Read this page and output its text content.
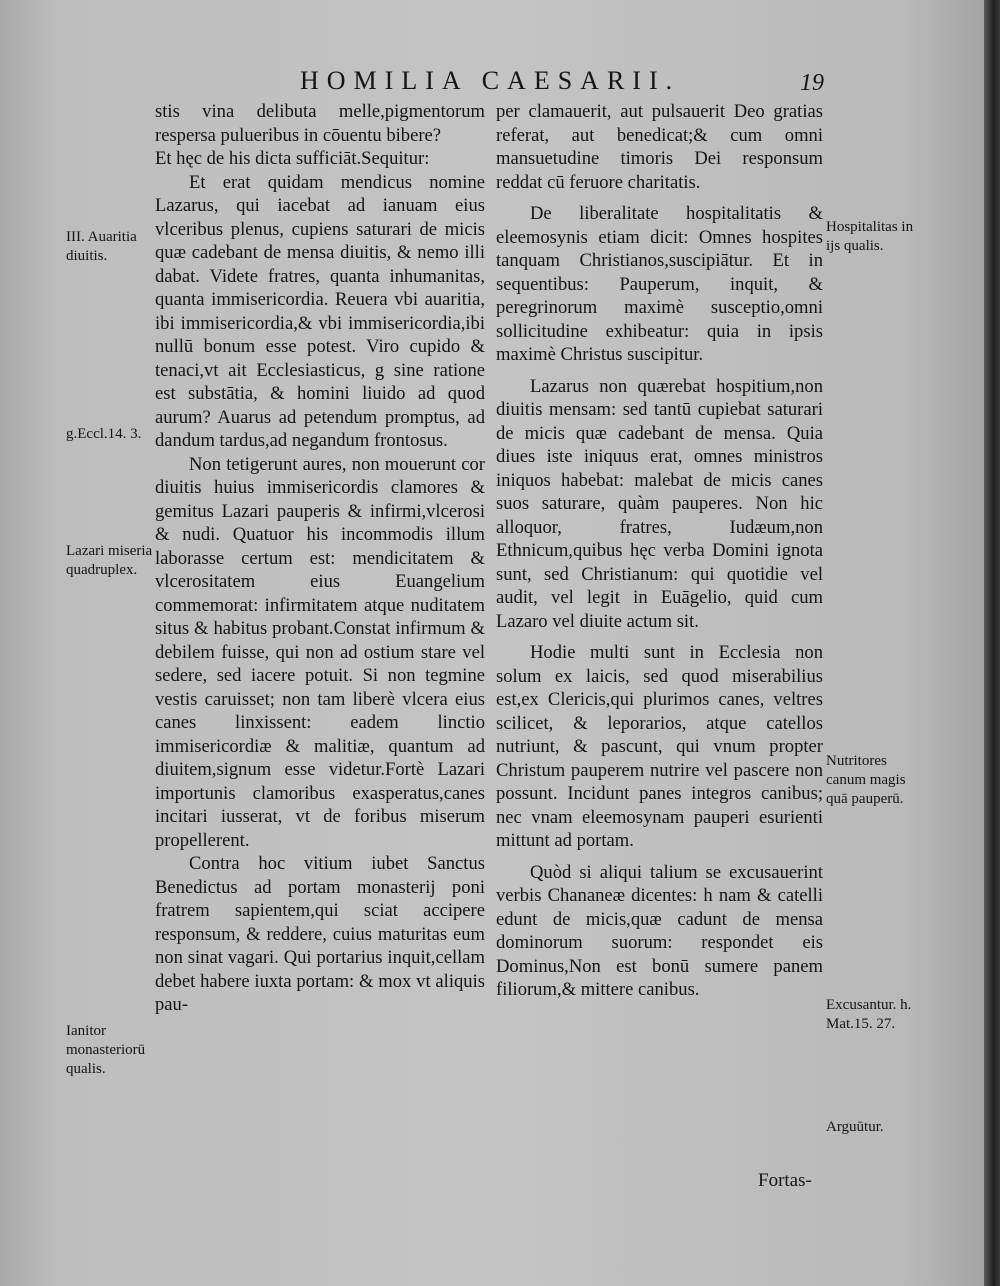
HOMILIA CAESARII.	19

stis vina delibuta melle,pigmentorum respersa pulueribus in cōuentu bibere?

Et hęc de his dicta sufficiāt.Sequitur:

Et erat quidam mendicus nomine Lazarus, qui iacebat ad ianuam eius vlceribus plenus, cupiens saturari de micis quæ cadebant de mensa diuitis, & nemo illi dabat. Videte fratres, quanta inhumanitas, quanta immisericordia. Reuera vbi auaritia, ibi immisericordia,& vbi immisericordia,ibi nullū bonum esse potest. Viro cupido & tenaci,vt ait Ecclesiasticus, g sine ratione est substātia, & homini liuido ad quod aurum? Auarus ad petendum promptus, ad dandum tardus,ad negandum frontosus.

Non tetigerunt aures, non mouerunt cor diuitis huius immisericordis clamores & gemitus Lazari pauperis & infirmi,vlcerosi & nudi. Quatuor his incommodis illum laborasse certum est: mendicitatem & vlcerositatem eius Euangelium commemorat: infirmitatem atque nuditatem situs & habitus probant.Constat infirmum & debilem fuisse, qui non ad ostium stare vel sedere, sed iacere potuit. Si non tegmine vestis caruisset; non tam liberè vlcera eius canes linxissent: eadem linctio immisericordiæ & malitiæ, quantum ad diuitem,signum esse videtur.Fortè Lazari importunis clamoribus exasperatus,canes incitari iusserat, vt de foribus miserum propellerent.

Contra hoc vitium iubet Sanctus Benedictus ad portam monasterij poni fratrem sapientem,qui sciat accipere responsum, & reddere, cuius maturitas eum non sinat vagari. Qui portarius inquit,cellam debet habere iuxta portam: & mox vt aliquis pau-

per clamauerit, aut pulsauerit Deo gratias referat, aut benedicat;& cum omni mansuetudine timoris Dei responsum reddat cū feruore charitatis.

De liberalitate hospitalitatis & eleemosynis etiam dicit: Omnes hospites tanquam Christianos,suscipiātur. Et in sequentibus: Pauperum, inquit, & peregrinorum maximè susceptio,omni sollicitudine exhibeatur: quia in ipsis maximè Christus suscipitur.

Lazarus non quærebat hospitium,non diuitis mensam: sed tantū cupiebat saturari de micis quæ cadebant de mensa. Quia diues iste iniquus erat, omnes ministros iniquos habebat: malebat de micis canes suos saturare, quàm pauperes. Non hic alloquor, fratres, Iudæum,non Ethnicum,quibus hęc verba Domini ignota sunt, sed Christianum: qui quotidie vel audit, vel legit in Euāgelio, quid cum Lazaro vel diuite actum sit.

Hodie multi sunt in Ecclesia non solum ex laicis, sed quod miserabilius est,ex Clericis,qui plurimos canes, veltres scilicet, & leporarios, atque catellos nutriunt, & pascunt, qui vnum propter Christum pauperem nutrire vel pascere non possunt. Incidunt panes integros canibus; nec vnam eleemosynam pauperi esurienti mittunt ad portam.

Quòd si aliqui talium se excusauerint verbis Chananeæ dicentes: h nam & catelli edunt de micis,quæ cadunt de mensa dominorum suorum: respondet eis Dominus,Non est bonū sumere panem filiorum,& mittere canibus.

III. Auaritia diuitis.
g.Eccl.14. 3.
Lazari miseria quadruplex.
Ianitor monasteriorū qualis.
Hospitalitas in ijs qualis.
Nutritores canum magis quā pauperū.
Excusantur. h. Mat.15. 27.
Arguūtur.
Fortas-
